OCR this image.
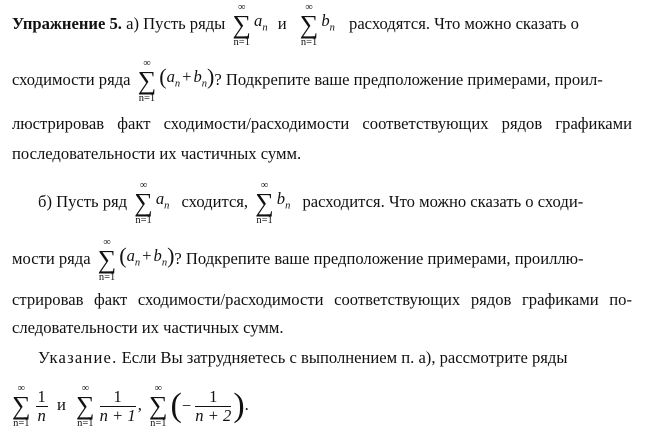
Упражнение 5. а) Пусть ряды
∞
∑
n=1
$a_n$ и
∞
∑
n=1
$b_n$ расходятся. Что можно сказать о
сходимости ряда
∞
∑
n=1
$(a_n + b_n)$? Подкрепите ваше предположение примерами, проил-
люстрировав факт сходимости/расходимости соответствующих рядов графиками
последовательности их частичных сумм.
б) Пусть ряд
∞
∑
n=1
$a_n$ сходится,
∞
∑
n=1
$b_n$ расходится. Что можно сказать о сходи-
мости ряда
∞
∑
n=1
$(a_n + b_n)$? Подкрепите ваше предположение примерами, проиллю-
стрировав факт сходимости/расходимости соответствующих рядов графиками по-
следовательности их частичных сумм.
Указание. Если Вы затрудняетесь с выполнением п. а), рассмотрите ряды
∞
∑
$n=1 \frac{1}{n}$ и
∞
∑
$n=1 \frac{1}{n + 1}$ ,
∞
∑
n=1 (− $\frac{1}{n + 2}$ ).
